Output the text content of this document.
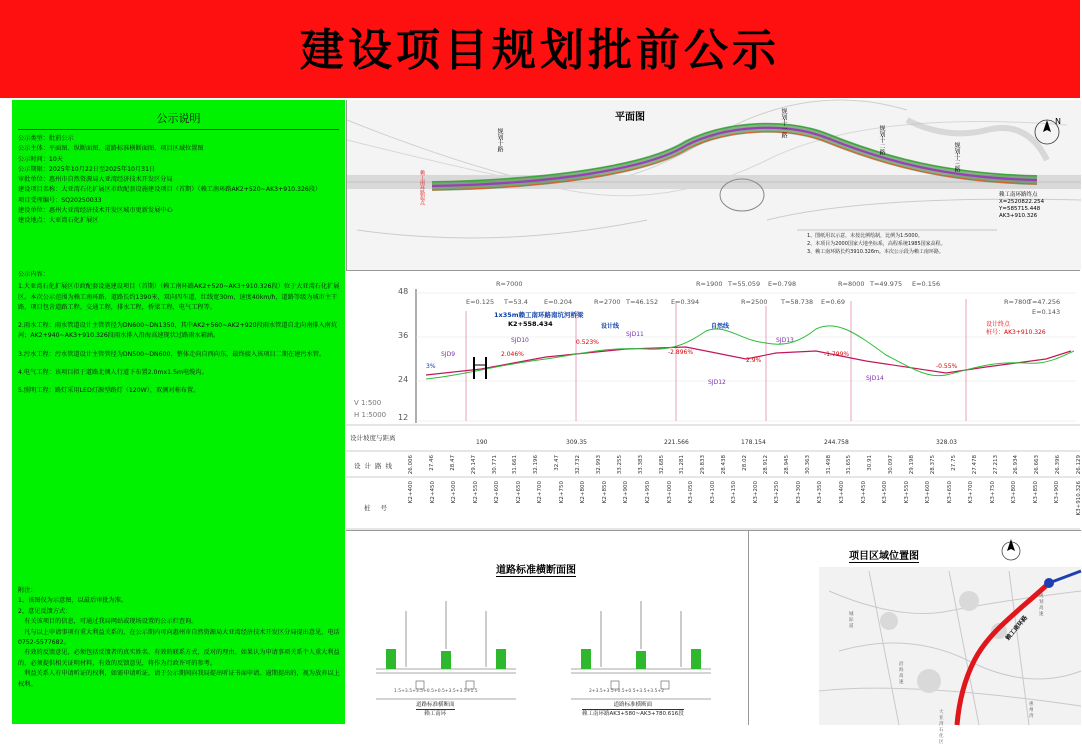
建设项目规划批前公示
公示说明
公示类型：批前公示
公示主体：平面图、纵断面图、道路标准横断面图、项目区域位置图
公示时间：10天
公示期限：2025年10月22日至2025年10月31日
审批单位：惠州市自然资源局大亚湾经济技术开发区分局
建设项目名称：大亚湾石化扩展区市政配套设施建设项目（首期）（赖工南环路AK2+520~AK3+910.326段）
项目受理编号：SQ20250033
建设单位：惠州大亚湾经济技术开发区城市更新发展中心
建设地点：大亚湾石化扩展区

公示内容：

1.大亚湾石化扩展区市政配套设施建设项目（首期）（赖工南环路AK2+520~AK3+910.326段）位于大亚湾石化扩展区。本次公示范围为赖工南环路，道路长约1390米，双向四车道，红线宽30m，速度40km/h，道路等级为城市主干路，项目包含道路工程，交通工程，排水工程，桥梁工程，电气工程等。

2.雨水工程：雨水管道设计主管管径为DN600~DN1350，其中AK2+560~AK2+920段雨水管道自北向南排入南坑河；AK2+940~AK3+910.326段雨水排入沿海高速现状过路雨水箱涵。

3.污水工程：污水管道设计主管管径为DN500~DN600，整体走向自西向东，最终接入该项目二期在建污水管。

4.电气工程：该项目拟于道路北侧人行道下布置2.0mx1.5m电缆沟。

5.照明工程：路灯采用LED灯源型路灯（120W），双侧对称布置。

附注：

1、该图仅为示意图，以最后审批为准。

2、意见反馈方式：

　有关该项目的信息，可通过我局网站或现场设置的公示栏查询。

　凡与以上申请事项有重大利益关系的，在公示期内可向惠州市自然资源局大亚湾经济技术开发区分局提出意见，电话0752-5577682。

　有效的反馈意见，必须包括反馈者的真实姓名、有效的联系方式，反对的理由。如果认为申请事项关系个人重大利益的，必须提供相关证明材料，有效的反馈意见，将作为行政许可的参考。

　利益关系人有申请听证的权利，如需申请听证，请于公示期间向我局提出听证书面申请。逾期提出的，视为放弃以上权利。

N
平面图
规划十路
规划十一路
规划十二路
规划十三路
赖工南环路起点	赖工南环路终点
X=2520822.254
Y=585715.448
AK3+910.326
1、图纸用以示意，未按比例绘制，比例为1:5000。
2、本项目为2000国家大地坐标系，高程系统1985国家高程。
3、赖工南环路长约3910.326m。本次公示段为赖工南环路。
48
36
24
12
V 1:500
H 1:5000
R=7000
E=0.125 T=53.4 E=0.204	R=2700 T=46.152 E=0.394
R=1900 T=55.059 E=0.798
R=2500 T=58.738 E=0.69
R=8000 T=49.975 E=0.156
R=7800
T=47.256
E=0.143
1x35m赖工南环路南坑河桥梁
K2+558.434	设计线	自然线	设计终点
桩号：AK3+910.326
SJD9
SJD10
SJD11
SJD12
SJD13
SJD14
3%
2.046%
0.523%
-2.896%
2.9%
-1.799%
-0.55%
设计坡度与距离
设计路线
桩号
190	309.35	221.566	178.154	244.758	328.03
26.006	27.46	28.47	29.147	30.771	31.661	32.196	32.47	32.732	32.993	33.255	33.383	32.685	31.281	29.833	28.438	28.02	28.912	28.945	30.363	31.498	31.655	30.91	30.097	29.198	28.375	27.75	27.478	27.213	26.934	26.663	26.396	26.129
K2+400	K2+450	K2+500	K2+550	K2+600	K2+650	K2+700	K2+750	K2+800	K2+850	K2+900	K2+950	K3+000	K3+050	K3+100	K3+150	K3+200	K3+250	K3+300	K3+350	K3+400	K3+450	K3+500	K3+550	K3+600	K3+650	K3+700	K3+750	K3+800	K3+850	K3+900	K3+910.326
道路标准横断面图
1.5+3.5+3.5+0.5+0.5+3.5+3.5+1.5	2+3.5+3.5+0.5+0.5+3.5+3.5+2
道路标准横断面
赖工南环
道路标准横断面
赖工南环路AK3+580~AK3+780.616段
项目区域位置图
赖工南环路
规划高速
城际道
惠州湾
沿海高速
大亚湾石化区
